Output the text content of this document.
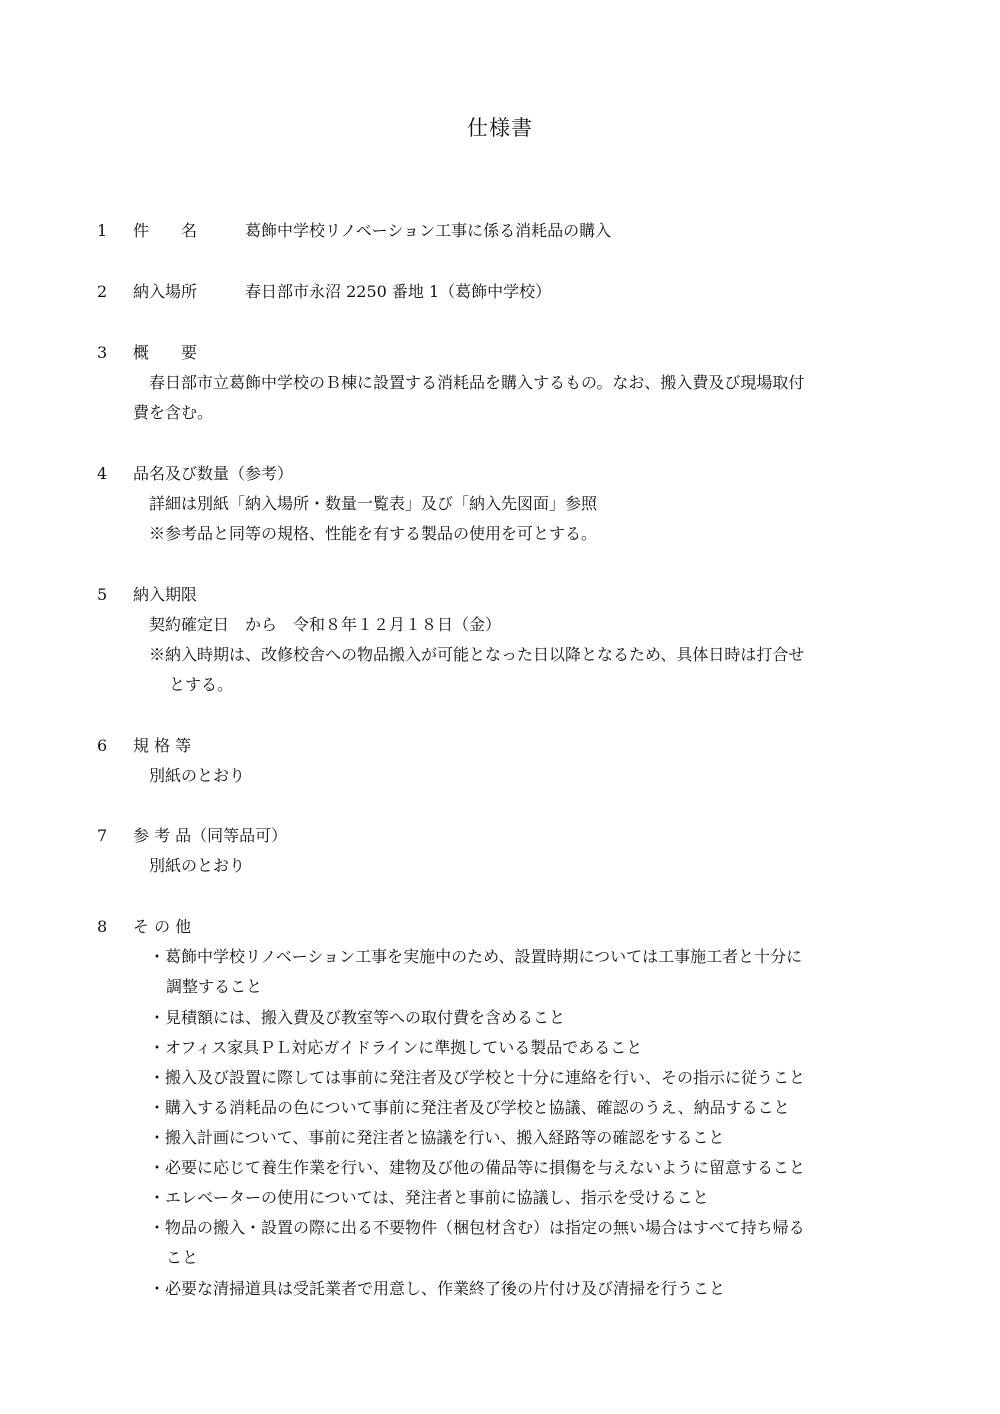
仕様書
1 件　　名	葛飾中学校リノベーション工事に係る消耗品の購入
2 納入場所	春日部市永沼 2250 番地 1（葛飾中学校）
3 概　　要
春日部市立葛飾中学校のＢ棟に設置する消耗品を購入するもの。なお、搬入費及び現場取付
費を含む。
4 品名及び数量（参考）
詳細は別紙「納入場所・数量一覧表」及び「納入先図面」参照
※参考品と同等の規格、性能を有する製品の使用を可とする。
5 納入期限
契約確定日　から　令和８年１２月１８日（金）
※納入時期は、改修校舎への物品搬入が可能となった日以降となるため、具体日時は打合せ
とする。
6 規 格 等
別紙のとおり
7 参 考 品（同等品可）
別紙のとおり
8 そ の 他
・葛飾中学校リノベーション工事を実施中のため、設置時期については工事施工者と十分に
調整すること
・見積額には、搬入費及び教室等への取付費を含めること
・オフィス家具ＰＬ対応ガイドラインに準拠している製品であること
・搬入及び設置に際しては事前に発注者及び学校と十分に連絡を行い、その指示に従うこと
・購入する消耗品の色について事前に発注者及び学校と協議、確認のうえ、納品すること
・搬入計画について、事前に発注者と協議を行い、搬入経路等の確認をすること
・必要に応じて養生作業を行い、建物及び他の備品等に損傷を与えないように留意すること
・エレベーターの使用については、発注者と事前に協議し、指示を受けること
・物品の搬入・設置の際に出る不要物件（梱包材含む）は指定の無い場合はすべて持ち帰る
こと
・必要な清掃道具は受託業者で用意し、作業終了後の片付け及び清掃を行うこと
